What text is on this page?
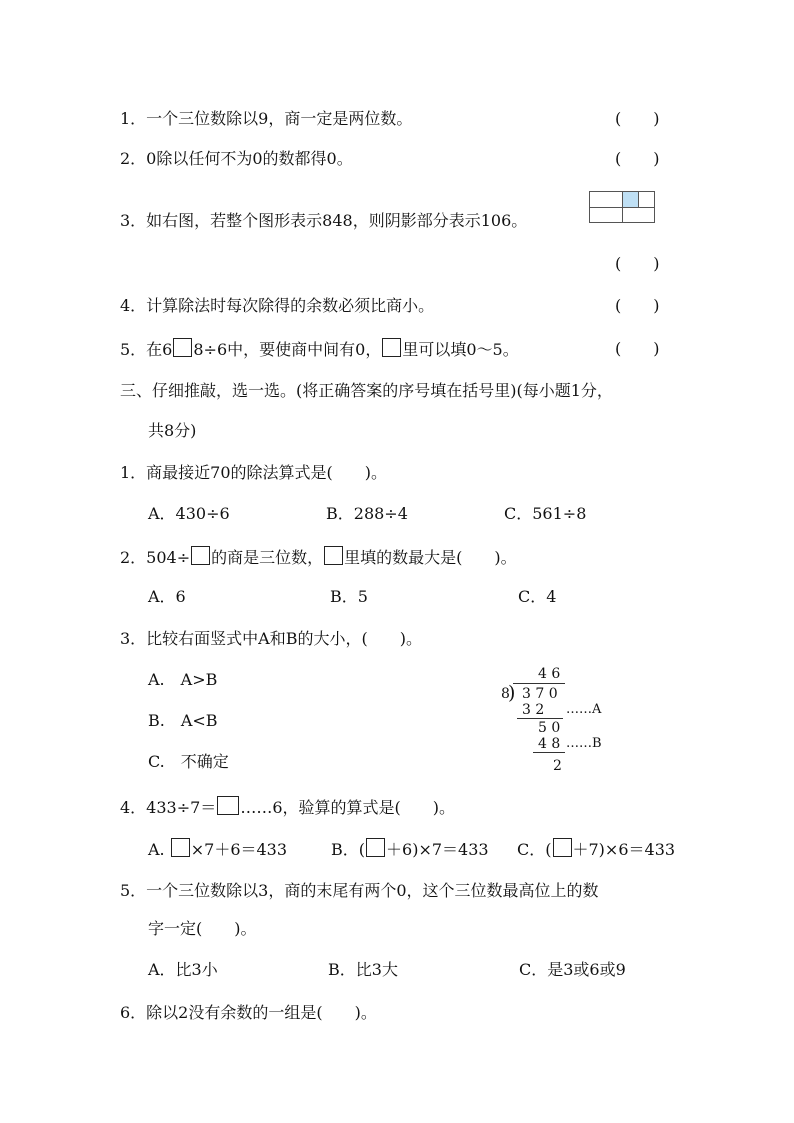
1．一个三位数除以9，商一定是两位数。	(　　)
2．0除以任何不为0的数都得0。	(　　)
3．如右图，若整个图形表示848，则阴影部分表示106。
(　　)
4．计算除法时每次除得的余数必须比商小。	(　　)
5．在6 8÷6中，要使商中间有0， 里可以填0～5。	(　　)
三、仔细推敲，选一选。(将正确答案的序号填在括号里)(每小题1分，
共8分)
1．商最接近70的除法算式是(　　)。
A．430÷6	B．288÷4	C．561÷8
2．504÷ 的商是三位数， 里填的数最大是(　　)。
A．6	B．5	C．4
3．比较右面竖式中A和B的大小，(　　)。
A.　A>B
B.　A<B
C.　不确定
4 6
8
) 3 7 0
3 2 ……A
5 0
4 8 ……B
2
4．433÷7＝ ……6，验算的算式是(　　)。
A. ×7＋6＝433	B．( ＋6)×7＝433 C．( ＋7)×6＝433
5．一个三位数除以3，商的末尾有两个0，这个三位数最高位上的数
字一定(　　)。
A．比3小	B．比3大	C．是3或6或9
6．除以2没有余数的一组是(　　)。
